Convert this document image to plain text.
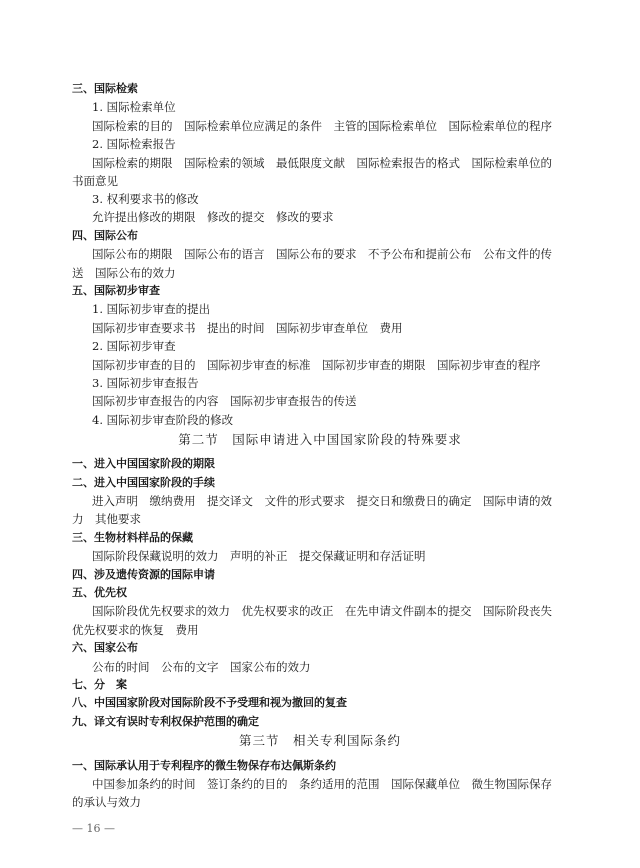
三、国际检索
1. 国际检索单位
国际检索的目的　国际检索单位应满足的条件　主管的国际检索单位　国际检索单位的程序
2. 国际检索报告
国际检索的期限　国际检索的领域　最低限度文献　国际检索报告的格式　国际检索单位的
书面意见
3. 权利要求书的修改
允许提出修改的期限　修改的提交　修改的要求
四、国际公布
国际公布的期限　国际公布的语言　国际公布的要求　不予公布和提前公布　公布文件的传
送　国际公布的效力
五、国际初步审查
1. 国际初步审查的提出
国际初步审查要求书　提出的时间　国际初步审查单位　费用
2. 国际初步审查
国际初步审查的目的　国际初步审查的标准　国际初步审查的期限　国际初步审查的程序
3. 国际初步审查报告
国际初步审查报告的内容　国际初步审查报告的传送
4. 国际初步审查阶段的修改
第二节　国际申请进入中国国家阶段的特殊要求
一、进入中国国家阶段的期限
二、进入中国国家阶段的手续
进入声明　缴纳费用　提交译文　文件的形式要求　提交日和缴费日的确定　国际申请的效
力　其他要求
三、生物材料样品的保藏
国际阶段保藏说明的效力　声明的补正　提交保藏证明和存活证明
四、涉及遗传资源的国际申请
五、优先权
国际阶段优先权要求的效力　优先权要求的改正　在先申请文件副本的提交　国际阶段丧失
优先权要求的恢复　费用
六、国家公布
公布的时间　公布的文字　国家公布的效力
七、分　案
八、中国国家阶段对国际阶段不予受理和视为撤回的复查
九、译文有误时专利权保护范围的确定
第三节　相关专利国际条约
一、国际承认用于专利程序的微生物保存布达佩斯条约
中国参加条约的时间　签订条约的目的　条约适用的范围　国际保藏单位　微生物国际保存
的承认与效力
— 16 —
